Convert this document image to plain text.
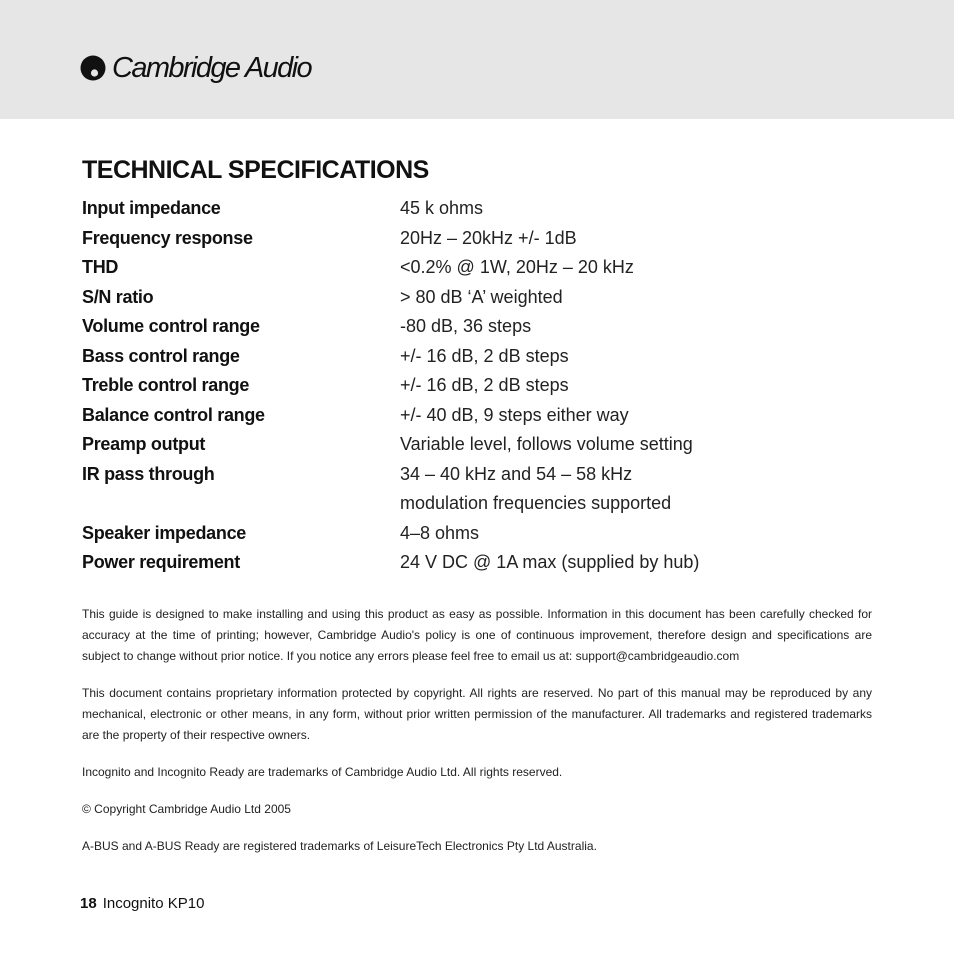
Cambridge Audio
TECHNICAL SPECIFICATIONS
Input impedance	45 k ohms
Frequency response	20Hz – 20kHz +/- 1dB
THD	<0.2% @ 1W, 20Hz – 20 kHz
S/N ratio	> 80 dB ‘A’ weighted
Volume control range	-80 dB, 36 steps
Bass control range	+/- 16 dB, 2 dB steps
Treble control range	+/- 16 dB, 2 dB steps
Balance control range	+/- 40 dB, 9 steps either way
Preamp output	Variable level, follows volume setting
IR pass through	34 – 40 kHz and 54 – 58 kHz
modulation frequencies supported
Speaker impedance	4–8 ohms
Power requirement	24 V DC @ 1A max (supplied by hub)

This guide is designed to make installing and using this product as easy as possible. Information in this document has been carefully checked for accuracy at the time of printing; however, Cambridge Audio's policy is one of continuous improvement, therefore design and specifications are subject to change without prior notice. If you notice any errors please feel free to email us at: support@cambridgeaudio.com

This document contains proprietary information protected by copyright. All rights are reserved. No part of this manual may be reproduced by any mechanical, electronic or other means, in any form, without prior written permission of the manufacturer. All trademarks and registered trademarks are the property of their respective owners.

Incognito and Incognito Ready are trademarks of Cambridge Audio Ltd. All rights reserved.

© Copyright Cambridge Audio Ltd 2005

A-BUS and A-BUS Ready are registered trademarks of LeisureTech Electronics Pty Ltd Australia.

18 Incognito KP10
